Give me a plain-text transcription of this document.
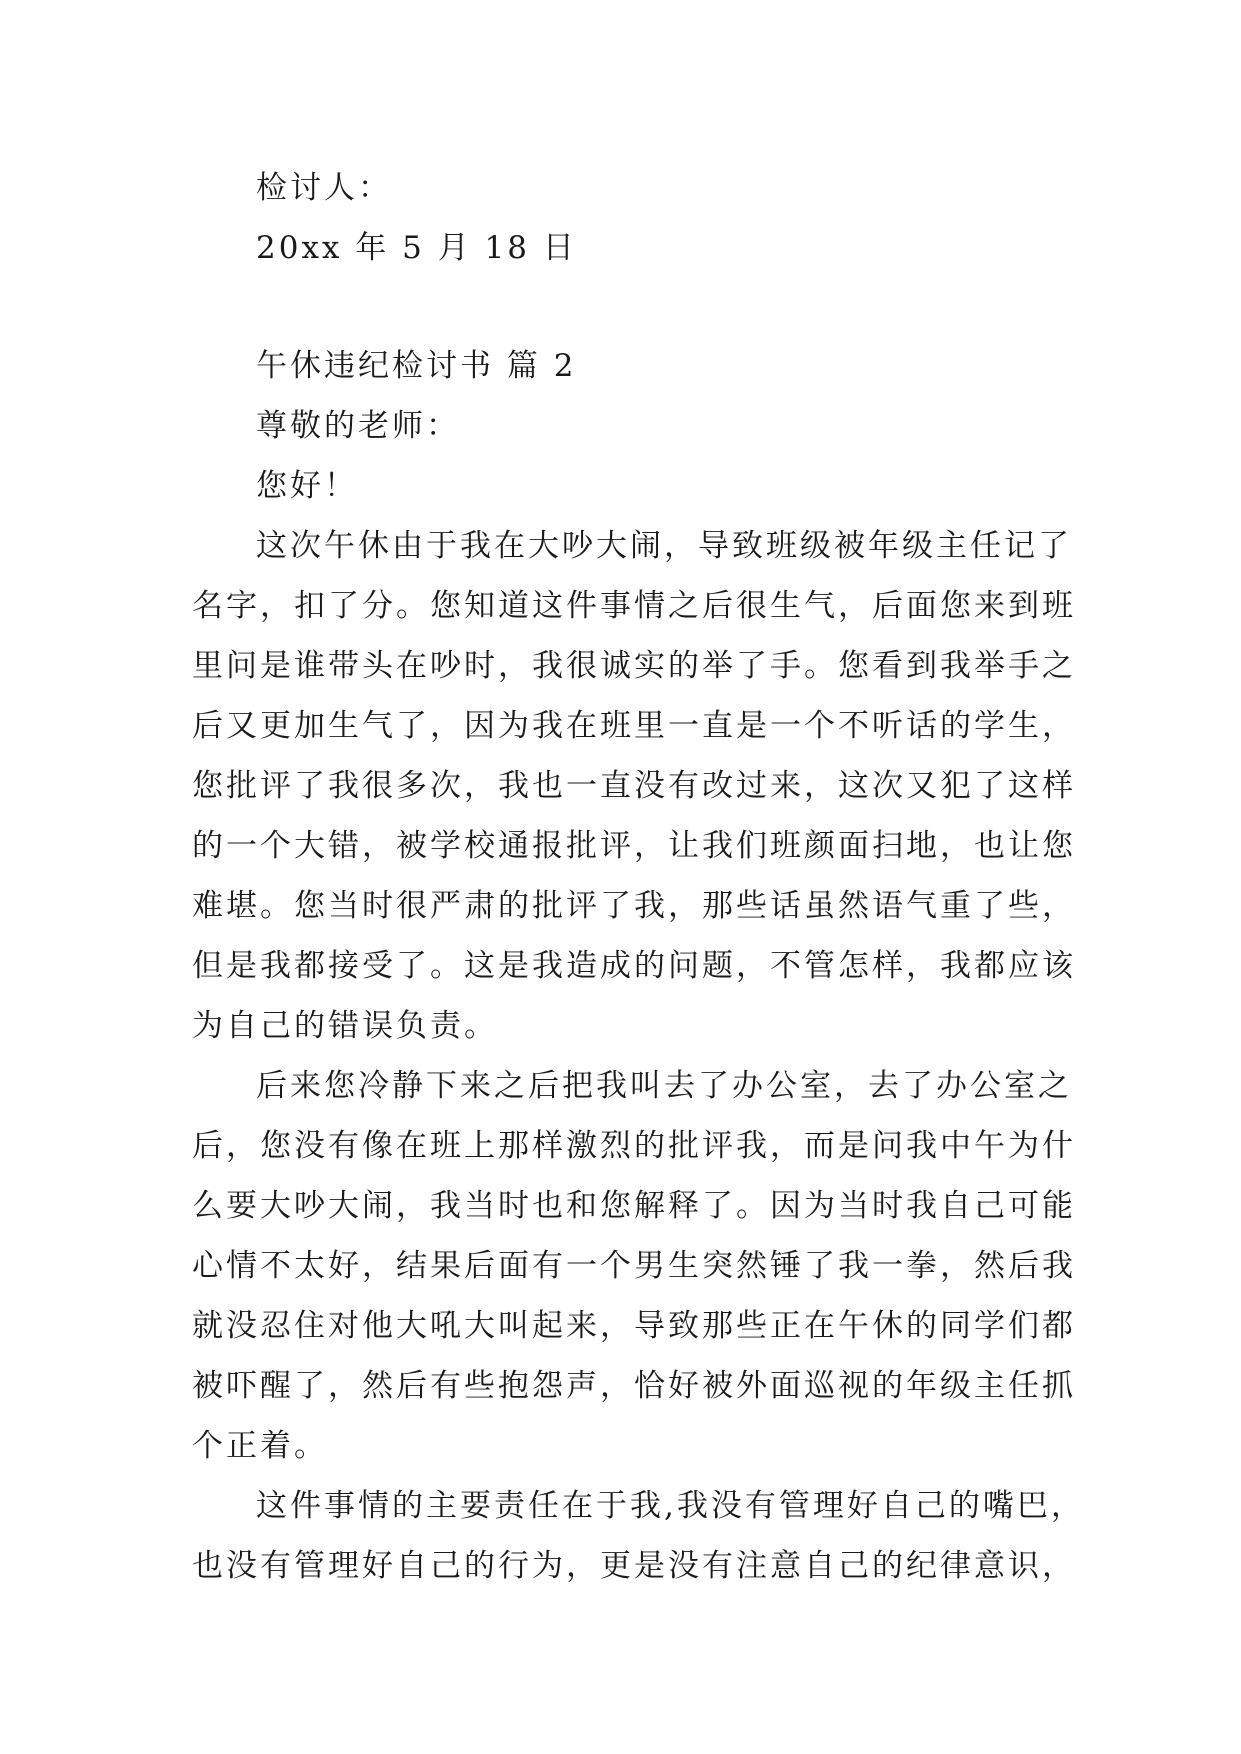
检讨人：
20xx 年 5 月 18 日
午休违纪检讨书 篇 2
尊敬的老师：
您好！
这次午休由于我在大吵大闹，导致班级被年级主任记了
名字，扣了分。您知道这件事情之后很生气，后面您来到班
里问是谁带头在吵时，我很诚实的举了手。您看到我举手之
后又更加生气了，因为我在班里一直是一个不听话的学生，
您批评了我很多次，我也一直没有改过来，这次又犯了这样
的一个大错，被学校通报批评，让我们班颜面扫地，也让您
难堪。您当时很严肃的批评了我，那些话虽然语气重了些，
但是我都接受了。这是我造成的问题，不管怎样，我都应该
为自己的错误负责。
后来您冷静下来之后把我叫去了办公室，去了办公室之
后，您没有像在班上那样激烈的批评我，而是问我中午为什
么要大吵大闹，我当时也和您解释了。因为当时我自己可能
心情不太好，结果后面有一个男生突然锤了我一拳，然后我
就没忍住对他大吼大叫起来，导致那些正在午休的同学们都
被吓醒了，然后有些抱怨声，恰好被外面巡视的年级主任抓
个正着。
这件事情的主要责任在于我,我没有管理好自己的嘴巴，
也没有管理好自己的行为，更是没有注意自己的纪律意识，
